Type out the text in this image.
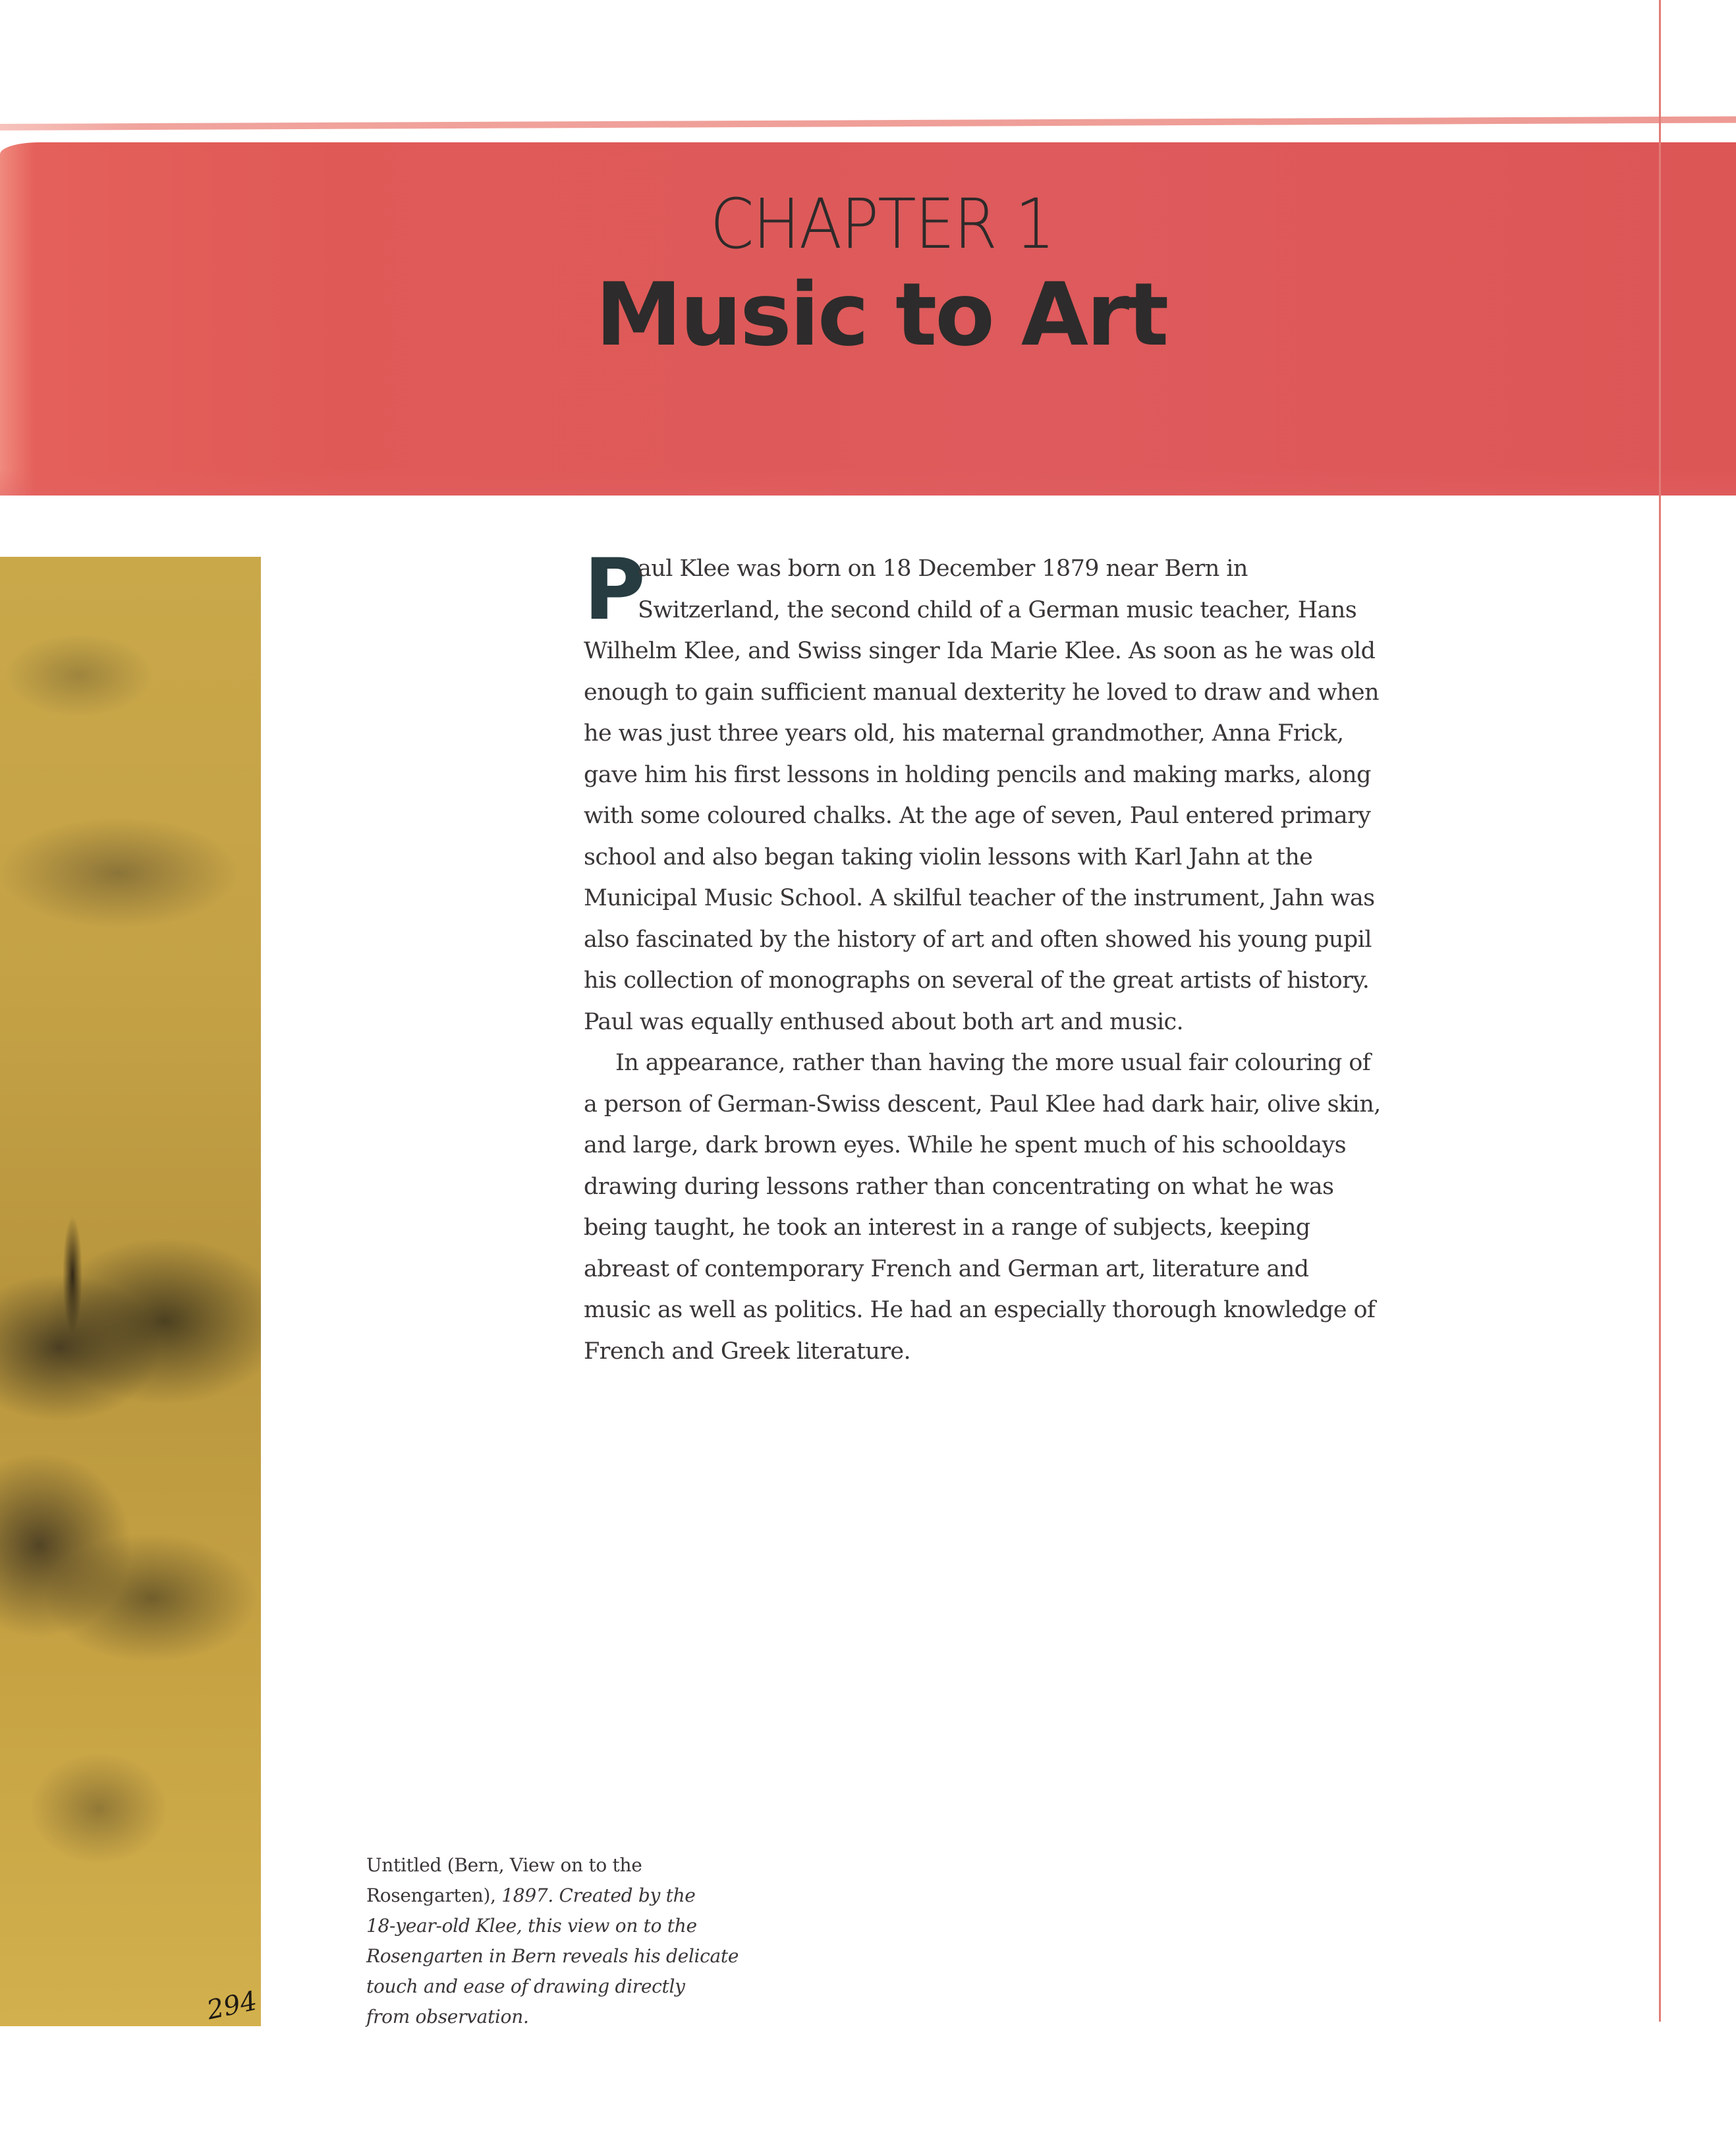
CHAPTER 1
Music to Art
294
P
aul Klee was born on 18 December 1879 near Bern in
Switzerland, the second child of a German music teacher, Hans
Wilhelm Klee, and Swiss singer Ida Marie Klee. As soon as he was old
enough to gain sufficient manual dexterity he loved to draw and when
he was just three years old, his maternal grandmother, Anna Frick,
gave him his first lessons in holding pencils and making marks, along
with some coloured chalks. At the age of seven, Paul entered primary
school and also began taking violin lessons with Karl Jahn at the
Municipal Music School. A skilful teacher of the instrument, Jahn was
also fascinated by the history of art and often showed his young pupil
his collection of monographs on several of the great artists of history.
Paul was equally enthused about both art and music.
In appearance, rather than having the more usual fair colouring of
a person of German-Swiss descent, Paul Klee had dark hair, olive skin,
and large, dark brown eyes. While he spent much of his schooldays
drawing during lessons rather than concentrating on what he was
being taught, he took an interest in a range of subjects, keeping
abreast of contemporary French and German art, literature and
music as well as politics. He had an especially thorough knowledge of
French and Greek literature.
Untitled (Bern, View on to the
Rosengarten), 1897. Created by the
18-year-old Klee, this view on to the
Rosengarten in Bern reveals his delicate
touch and ease of drawing directly
from observation.
